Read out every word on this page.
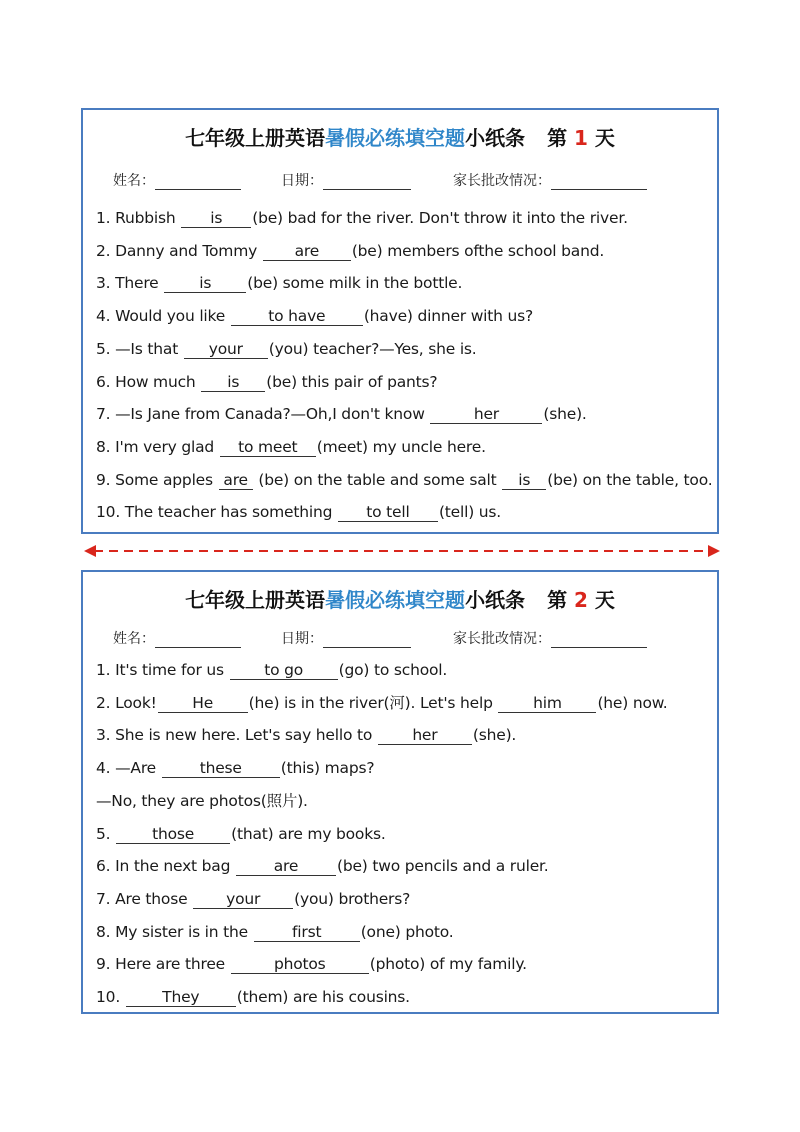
七年级上册英语暑假必练填空题小纸条 第 1 天
姓名：	日期：	家长批改情况：
1. Rubbish is (be) bad for the river. Don't throw it into the river.
2. Danny and Tommy are (be) members ofthe school band.
3. There is (be) some milk in the bottle.
4. Would you like to have (have) dinner with us?
5. —Is that your (you) teacher?—Yes, she is.
6. How much is (be) this pair of pants?
7. —Is Jane from Canada?—Oh,I don't know	her	(she).
8. I'm very glad to meet (meet) my uncle here.
9. Some apples are (be) on the table and some salt is (be) on the table, too.
10. The teacher has something to tell (tell) us.
七年级上册英语暑假必练填空题小纸条 第 2 天
姓名：	日期：	家长批改情况：
1. It's time for us to go (go) to school.
2. Look! He (he) is in the river(河). Let's help him (he) now.
3. She is new here. Let's say hello to her (she).
4. —Are	these	(this) maps?
—No, they are photos(照片).
5. those (that) are my books.
6. In the next bag	are	(be) two pencils and a ruler.
7. Are those your (you) brothers?
8. My sister is in the	first	(one) photo.
9. Here are three	photos	(photo) of my family.
10. They (them) are his cousins.
